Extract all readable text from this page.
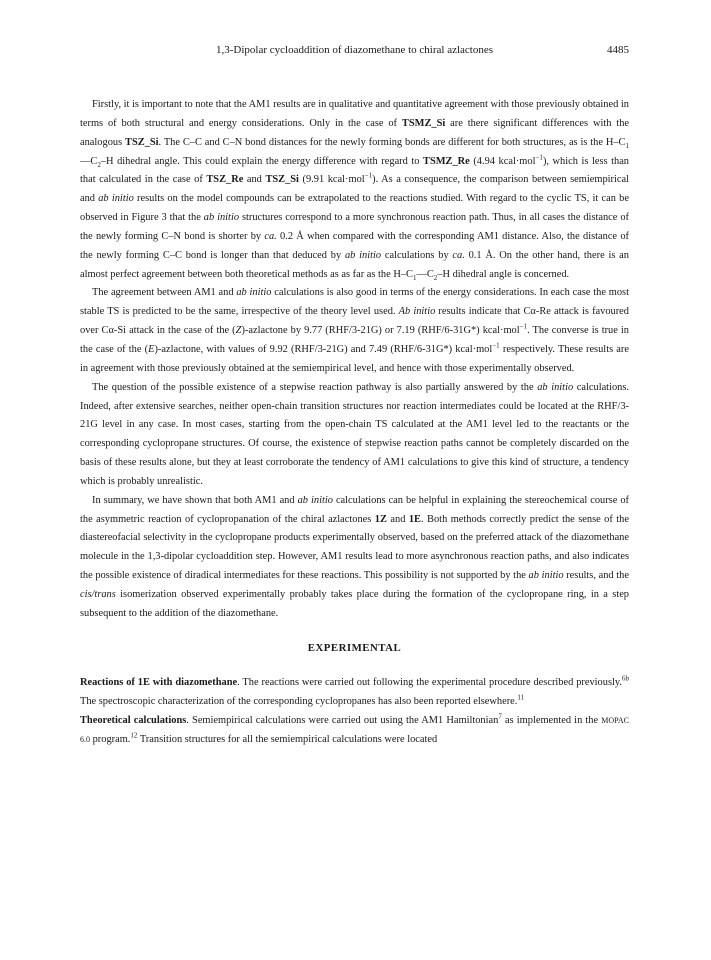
1,3-Dipolar cycloaddition of diazomethane to chiral azlactones	4485

Firstly, it is important to note that the AM1 results are in qualitative and quantitative agreement with those previously obtained in terms of both structural and energy considerations. Only in the case of TSMZ_Si are there significant differences with the analogous TSZ_Si. The C–C and C–N bond distances for the newly forming bonds are different for both structures, as is the $H-C_1—C_2-H$ dihedral angle. This could explain the energy difference with regard to TSMZ_Re (4.94 kcal·mol$^{-1}$), which is less than that calculated in the case of TSZ_Re and TSZ_Si (9.91 kcal·mol$^{-1}$). As a consequence, the comparison between semiempirical and ab initio results on the model compounds can be extrapolated to the reactions studied. With regard to the cyclic TS, it can be observed in Figure 3 that the ab initio structures correspond to a more synchronous reaction path. Thus, in all cases the distance of the newly forming C–N bond is shorter by ca. 0.2 Å when compared with the corresponding AM1 distance. Also, the distance of the newly forming C–C bond is longer than that deduced by ab initio calculations by ca. 0.1 Å. On the other hand, there is an almost perfect agreement between both theoretical methods as as far as the $H-C_1—C_2-H$ dihedral angle is concerned.

The agreement between AM1 and ab initio calculations is also good in terms of the energy considerations. In each case the most stable TS is predicted to be the same, irrespective of the theory level used. Ab initio results indicate that Cα-Re attack is favoured over Cα-Si attack in the case of the (Z)-azlactone by 9.77 (RHF/3-21G) or 7.19 (RHF/6-31G*) kcal·mol$^{-1}$. The converse is true in the case of the (E)-azlactone, with values of 9.92 (RHF/3-21G) and 7.49 (RHF/6-31G*) kcal·mol$^{-1}$ respectively. These results are in agreement with those previously obtained at the semiempirical level, and hence with those experimentally observed.

The question of the possible existence of a stepwise reaction pathway is also partially answered by the ab initio calculations. Indeed, after extensive searches, neither open-chain transition structures nor reaction intermediates could be located at the RHF/3-21G level in any case. In most cases, starting from the open-chain TS calculated at the AM1 level led to the reactants or the corresponding cyclopropane structures. Of course, the existence of stepwise reaction paths cannot be completely discarded on the basis of these results alone, but they at least corroborate the tendency of AM1 calculations to give this kind of structure, a tendency which is probably unrealistic.

In summary, we have shown that both AM1 and ab initio calculations can be helpful in explaining the stereochemical course of the asymmetric reaction of cyclopropanation of the chiral azlactones 1Z and 1E. Both methods correctly predict the sense of the diastereofacial selectivity in the cyclopropane products experimentally observed, based on the preferred attack of the diazomethane molecule in the 1,3-dipolar cycloaddition step. However, AM1 results lead to more asynchronous reaction paths, and also indicates the possible existence of diradical intermediates for these reactions. This possibility is not supported by the ab initio results, and the cis/trans isomerization observed experimentally probably takes place during the formation of the cyclopropane ring, in a step subsequent to the addition of the diazomethane.

EXPERIMENTAL

Reactions of 1E with diazomethane. The reactions were carried out following the experimental procedure described previously.$^{6b}$ The spectroscopic characterization of the corresponding cyclopropanes has also been reported elsewhere.$^{11}$

Theoretical calculations. Semiempirical calculations were carried out using the AM1 Hamiltonian$^7$ as implemented in the MOPAC 6.0 program.$^{12}$ Transition structures for all the semiempirical calculations were located
